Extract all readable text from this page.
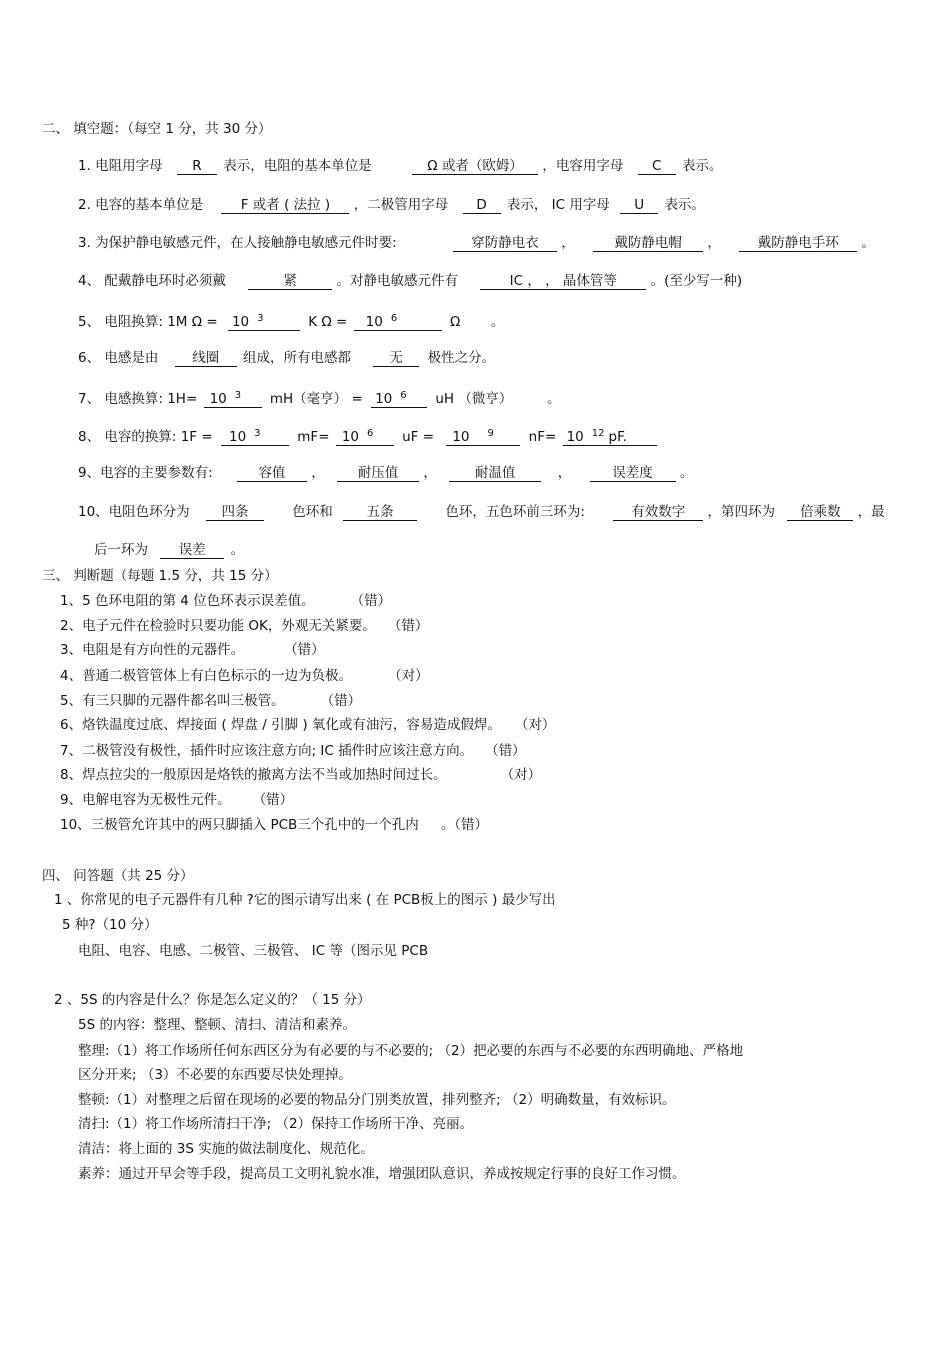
二、 填空题：（每空 1 分，共 30 分）
1. 电阻用字母 R 表示，电阻的基本单位是	Ω 或者（欧姆） ，电容用字母 C 表示。
2. 电容的基本单位是	F 或者 ( 法拉 ) ，二极管用字母 D 表示， IC 用字母 U 表示。
3. 为保护静电敏感元件，在人接触静电敏感元件时要:	穿防静电衣 ，	戴防静电帽 ，	戴防静电手环 。
4、 配戴静电环时必须戴	紧	。对静电敏感元件有	IC ， ， 晶体管等 。(至少写一种)
5、 电阻换算: 1M Ω = 10 $^3$	K Ω = 10 $^6$	Ω 。
6、 电感是由	线圈 组成，所有电感都	无 极性之分。
7、 电感换算: 1H= 10 $^3$ mH（毫亨） = 10 $^6$ uH （微亨）	。
8、 电容的换算: 1F = 10 $^3$	mF= 10 $^6$ uF = 10 $^9$	nF= 10 $^{12}$ pF.
9、电容的主要参数有:	容值 ， 耐压值 ，	耐温值	，	误差度 。
10、电阻色环分为 四条	色环和	五条	色环，五色环前三环为:	有效数字 ，第四环为 倍乘数 ，最
后一环为 误差 。
三、 判断题（每题 1.5 分，共 15 分）
1、5 色环电阻的第 4 位色环表示误差值。	（错）
2、电子元件在检验时只要功能 OK，外观无关紧要。 （错）
3、电阻是有方向性的元器件。	（错）
4、普通二极管管体上有白色标示的一边为负极。	（对）
5、有三只脚的元器件都名叫三极管。	（错）
6、烙铁温度过底、焊接面 ( 焊盘 / 引脚 ) 氧化或有油污，容易造成假焊。 （对）
7、二极管没有极性，插件时应该注意方向; IC 插件时应该注意方向。 （错）
8、焊点拉尖的一般原因是烙铁的撤离方法不当或加热时间过长。	（对）
9、电解电容为无极性元件。 （错）
10、三极管允许其中的两只脚插入 PCB三个孔中的一个孔内 。（错）
四、 问答题（共 25 分）
1 、你常见的电子元器件有几种 ?它的图示请写出来 ( 在 PCB板上的图示 ) 最少写出
5 种?（10 分）
电阻、电容、电感、二极管、三极管、 IC 等（图示见 PCB
2 、5S 的内容是什么？你是怎么定义的？（ 15 分）
5S 的内容：整理、整顿、清扫、清洁和素养。
整理:（1）将工作场所任何东西区分为有必要的与不必要的; （2）把必要的东西与不必要的东西明确地、严格地
区分开来; （3）不必要的东西要尽快处理掉。
整顿:（1）对整理之后留在现场的必要的物品分门别类放置，排列整齐; （2）明确数量，有效标识。
清扫:（1）将工作场所清扫干净; （2）保持工作场所干净、亮丽。
清洁：将上面的 3S 实施的做法制度化、规范化。
素养：通过开早会等手段，提高员工文明礼貌水准，增强团队意识，养成按规定行事的良好工作习惯。
